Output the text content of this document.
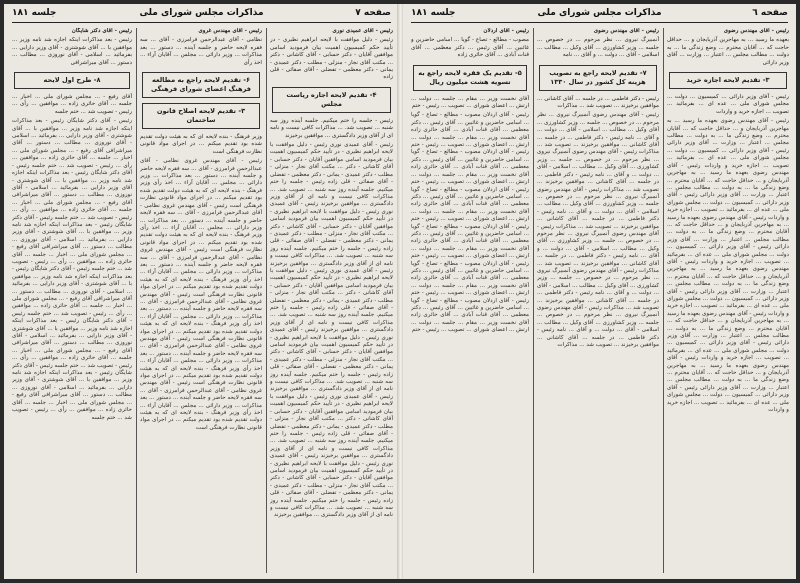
صفحه ۷
مذاکرات مجلس شورای ملی
جلسه ۱۸۱

رئیس - آقای عمیدی نوری

رئیس - دلیل موافقت با لایحه ابراهیم نظیری - در تأیید حکم کمیسیون اهمیت بیان فرمودید اسامی موافقین آقایان - دکتر حسابی - آقای کاشانی - دکتر ... مکتب آقای نجار - منزلی - مطلب - دکتر عمیدی - یمانی - دکتر معظمی - تفضلی - آقای صفائی - قلی زاده

۴- تقدیم لایحه اجازه ریاست مجلس

رئیس - جلسه را ختم میکنیم. جلسه آینده روز سه شنبه ... تصویب شد. ... مذاکرات کافی نیست و نامه ای از آقای وزیر دادگستری ... موافقین برخیزند

رئیس - آقای عمیدی نوری رئیس - دلیل موافقت با لایحه ابراهیم نظیری - در تأیید حکم کمیسیون اهمیت بیان فرمودید اسامی موافقین آقایان - دکتر حسابی - آقای کاشانی - دکتر ... مکتب آقای نجار - منزلی - مطلب - دکتر عمیدی - یمانی - دکتر معظمی - تفضلی - آقای صفائی - قلی زاده رئیس - جلسه را ختم میکنیم. جلسه آینده روز سه شنبه ... تصویب شد. ... مذاکرات کافی نیست و نامه ای از آقای وزیر دادگستری ... موافقین برخیزند رئیس - آقای عمیدی نوری رئیس - دلیل موافقت با لایحه ابراهیم نظیری - در تأیید حکم کمیسیون اهمیت بیان فرمودید اسامی موافقین آقایان - دکتر حسابی - آقای کاشانی - دکتر ... مکتب آقای نجار - منزلی - مطلب - دکتر عمیدی - یمانی - دکتر معظمی - تفضلی - آقای صفائی - قلی زاده رئیس - جلسه را ختم میکنیم. جلسه آینده روز سه شنبه ... تصویب شد. ... مذاکرات کافی نیست و نامه ای از آقای وزیر دادگستری ... موافقین برخیزند رئیس - آقای عمیدی نوری رئیس - دلیل موافقت با لایحه ابراهیم نظیری - در تأیید حکم کمیسیون اهمیت بیان فرمودید اسامی موافقین آقایان - دکتر حسابی - آقای کاشانی - دکتر ... مکتب آقای نجار - منزلی - مطلب - دکتر عمیدی - یمانی - دکتر معظمی - تفضلی - آقای صفائی - قلی زاده رئیس - جلسه را ختم میکنیم. جلسه آینده روز سه شنبه ... تصویب شد. ... مذاکرات کافی نیست و نامه ای از آقای وزیر دادگستری ... موافقین برخیزند رئیس - آقای عمیدی نوری رئیس - دلیل موافقت با لایحه ابراهیم نظیری - در تأیید حکم کمیسیون اهمیت بیان فرمودید اسامی موافقین آقایان - دکتر حسابی - آقای کاشانی - دکتر ... مکتب آقای نجار - منزلی - مطلب - دکتر عمیدی - یمانی - دکتر معظمی - تفضلی - آقای صفائی - قلی زاده رئیس - جلسه را ختم میکنیم. جلسه آینده روز سه شنبه ... تصویب شد. ... مذاکرات کافی نیست و نامه ای از آقای وزیر دادگستری ... موافقین برخیزند رئیس - آقای عمیدی نوری رئیس - دلیل موافقت با لایحه ابراهیم نظیری - در تأیید حکم کمیسیون اهمیت بیان فرمودید اسامی موافقین آقایان - دکتر حسابی - آقای کاشانی - دکتر ... مکتب آقای نجار - منزلی - مطلب - دکتر عمیدی - یمانی - دکتر معظمی - تفضلی - آقای صفائی - قلی زاده رئیس - جلسه را ختم میکنیم. جلسه آینده روز سه شنبه ... تصویب شد. ... مذاکرات کافی نیست و نامه ای از آقای وزیر دادگستری ... موافقین برخیزند رئیس - آقای عمیدی نوری رئیس - دلیل موافقت با لایحه ابراهیم نظیری - در تأیید حکم کمیسیون اهمیت بیان فرمودید اسامی موافقین آقایان - دکتر حسابی - آقای کاشانی - دکتر ... مکتب آقای نجار - منزلی - مطلب - دکتر عمیدی - یمانی - دکتر معظمی - تفضلی - آقای صفائی - قلی زاده رئیس - جلسه را ختم میکنیم. جلسه آینده روز سه شنبه ... تصویب شد. ... مذاکرات کافی نیست و نامه ای از آقای وزیر دادگستری ... موافقین برخیزند

رئیس - آقای مهندس غروی

نظامی - آقای عبدالرحمن فرامرزی - آقای ... سه فقره لایحه حاضر و جلسه آینده ... دستور ... بعد مذاکرات ... وزیر دارائی ... مجلس ... آقایان آراء ... اخذ رأی

۶- تقدیم لایحه راجع به مطالعه فرهنگ اعضای شورای فرهنگی
۳- تقدیم لایحه اصلاح قانون ساختمان

وزیر فرهنگ - بنده لایحه ای که به هیئت دولت تقدیم شده بود تقدیم میکنم ... در اجرای مواد قانونی نظارت فرهنگی است

رئیس - آقای مهندس غروی نظامی - آقای عبدالرحمن فرامرزی - آقای ... سه فقره لایحه حاضر و جلسه آینده ... دستور ... بعد مذاکرات ... وزیر دارائی ... مجلس ... آقایان آراء ... اخذ رأی وزیر فرهنگ - بنده لایحه ای که به هیئت دولت تقدیم شده بود تقدیم میکنم ... در اجرای مواد قانونی نظارت فرهنگی است رئیس - آقای مهندس غروی نظامی - آقای عبدالرحمن فرامرزی - آقای ... سه فقره لایحه حاضر و جلسه آینده ... دستور ... بعد مذاکرات ... وزیر دارائی ... مجلس ... آقایان آراء ... اخذ رأی وزیر فرهنگ - بنده لایحه ای که به هیئت دولت تقدیم شده بود تقدیم میکنم ... در اجرای مواد قانونی نظارت فرهنگی است رئیس - آقای مهندس غروی نظامی - آقای عبدالرحمن فرامرزی - آقای ... سه فقره لایحه حاضر و جلسه آینده ... دستور ... بعد مذاکرات ... وزیر دارائی ... مجلس ... آقایان آراء ... اخذ رأی وزیر فرهنگ - بنده لایحه ای که به هیئت دولت تقدیم شده بود تقدیم میکنم ... در اجرای مواد قانونی نظارت فرهنگی است رئیس - آقای مهندس غروی نظامی - آقای عبدالرحمن فرامرزی - آقای ... سه فقره لایحه حاضر و جلسه آینده ... دستور ... بعد مذاکرات ... وزیر دارائی ... مجلس ... آقایان آراء ... اخذ رأی وزیر فرهنگ - بنده لایحه ای که به هیئت دولت تقدیم شده بود تقدیم میکنم ... در اجرای مواد قانونی نظارت فرهنگی است رئیس - آقای مهندس غروی نظامی - آقای عبدالرحمن فرامرزی - آقای ... سه فقره لایحه حاضر و جلسه آینده ... دستور ... بعد مذاکرات ... وزیر دارائی ... مجلس ... آقایان آراء ... اخذ رأی وزیر فرهنگ - بنده لایحه ای که به هیئت دولت تقدیم شده بود تقدیم میکنم ... در اجرای مواد قانونی نظارت فرهنگی است رئیس - آقای مهندس غروی نظامی - آقای عبدالرحمن فرامرزی - آقای ... سه فقره لایحه حاضر و جلسه آینده ... دستور ... بعد مذاکرات ... وزیر دارائی ... مجلس ... آقایان آراء ... اخذ رأی وزیر فرهنگ - بنده لایحه ای که به هیئت دولت تقدیم شده بود تقدیم میکنم ... در اجرای مواد قانونی نظارت فرهنگی است

رئیس - آقای دکتر شایگان

رئیس - بعد مذاکرات اینکه اجازه شد نامه وزیر ... موافقین با ... آقای شوشتری - آقای وزیر دارایی ... بفرمائید ... اسلامی - آقای نوروزی ... مطالب ... دستور ... آقای میراشرافی

۸- طرح اول لایحه

آقای رفیع - ... مجلس شورای ملی ... اخبار ... جلسه ... آقای حائری زاده ... موافقین ... رأی ... رئیس - تصویب شد ... ختم جلسه

رئیس - آقای دکتر شایگان رئیس - بعد مذاکرات اینکه اجازه شد نامه وزیر ... موافقین با ... آقای شوشتری - آقای وزیر دارایی ... بفرمائید ... اسلامی - آقای نوروزی ... مطالب ... دستور ... آقای میراشرافی آقای رفیع - ... مجلس شورای ملی ... اخبار ... جلسه ... آقای حائری زاده ... موافقین ... رأی ... رئیس - تصویب شد ... ختم جلسه رئیس - آقای دکتر شایگان رئیس - بعد مذاکرات اینکه اجازه شد نامه وزیر ... موافقین با ... آقای شوشتری - آقای وزیر دارایی ... بفرمائید ... اسلامی - آقای نوروزی ... مطالب ... دستور ... آقای میراشرافی آقای رفیع - ... مجلس شورای ملی ... اخبار ... جلسه ... آقای حائری زاده ... موافقین ... رأی ... رئیس - تصویب شد ... ختم جلسه رئیس - آقای دکتر شایگان رئیس - بعد مذاکرات اینکه اجازه شد نامه وزیر ... موافقین با ... آقای شوشتری - آقای وزیر دارایی ... بفرمائید ... اسلامی - آقای نوروزی ... مطالب ... دستور ... آقای میراشرافی آقای رفیع - ... مجلس شورای ملی ... اخبار ... جلسه ... آقای حائری زاده ... موافقین ... رأی ... رئیس - تصویب شد ... ختم جلسه رئیس - آقای دکتر شایگان رئیس - بعد مذاکرات اینکه اجازه شد نامه وزیر ... موافقین با ... آقای شوشتری - آقای وزیر دارایی ... بفرمائید ... اسلامی - آقای نوروزی ... مطالب ... دستور ... آقای میراشرافی آقای رفیع - ... مجلس شورای ملی ... اخبار ... جلسه ... آقای حائری زاده ... موافقین ... رأی ... رئیس - تصویب شد ... ختم جلسه رئیس - آقای دکتر شایگان رئیس - بعد مذاکرات اینکه اجازه شد نامه وزیر ... موافقین با ... آقای شوشتری - آقای وزیر دارایی ... بفرمائید ... اسلامی - آقای نوروزی ... مطالب ... دستور ... آقای میراشرافی آقای رفیع - ... مجلس شورای ملی ... اخبار ... جلسه ... آقای حائری زاده ... موافقین ... رأی ... رئیس - تصویب شد ... ختم جلسه رئیس - آقای دکتر شایگان رئیس - بعد مذاکرات اینکه اجازه شد نامه وزیر ... موافقین با ... آقای شوشتری - آقای وزیر دارایی ... بفرمائید ... اسلامی - آقای نوروزی ... مطالب ... دستور ... آقای میراشرافی آقای رفیع - ... مجلس شورای ملی ... اخبار ... جلسه ... آقای حائری زاده ... موافقین ... رأی ... رئیس - تصویب شد ... ختم جلسه
صفحه ٦
مذاکرات مجلس شورای ملی
جلسه ۱۸۱

رئیس - آقای مهندس رضوی

بعهده ما رسید ... به مهاجرین آذربایجان و ... حداقل حاجت که ... آقایان محترم ... وضع زندگی ما ... به دولت ... مطالب مجلس ... اعتبار ... وزارت ... آقای وزیر دارائی

۳- تقدیم لایحه اجازه خرید

رئیس - آقای وزیر دارائی ... کمیسیون ... دولت ... مجلس شورای ملی ... عده ای ... بفرمائید ... تصویب ... اجازه خرید و واردات

رئیس - آقای مهندس رضوی بعهده ما رسید ... به مهاجرین آذربایجان و ... حداقل حاجت که ... آقایان محترم ... وضع زندگی ما ... به دولت ... مطالب مجلس ... اعتبار ... وزارت ... آقای وزیر دارائی رئیس - آقای وزیر دارائی ... کمیسیون ... دولت ... مجلس شورای ملی ... عده ای ... بفرمائید ... تصویب ... اجازه خرید و واردات رئیس - آقای مهندس رضوی بعهده ما رسید ... به مهاجرین آذربایجان و ... حداقل حاجت که ... آقایان محترم ... وضع زندگی ما ... به دولت ... مطالب مجلس ... اعتبار ... وزارت ... آقای وزیر دارائی رئیس - آقای وزیر دارائی ... کمیسیون ... دولت ... مجلس شورای ملی ... عده ای ... بفرمائید ... تصویب ... اجازه خرید و واردات رئیس - آقای مهندس رضوی بعهده ما رسید ... به مهاجرین آذربایجان و ... حداقل حاجت که ... آقایان محترم ... وضع زندگی ما ... به دولت ... مطالب مجلس ... اعتبار ... وزارت ... آقای وزیر دارائی رئیس - آقای وزیر دارائی ... کمیسیون ... دولت ... مجلس شورای ملی ... عده ای ... بفرمائید ... تصویب ... اجازه خرید و واردات رئیس - آقای مهندس رضوی بعهده ما رسید ... به مهاجرین آذربایجان و ... حداقل حاجت که ... آقایان محترم ... وضع زندگی ما ... به دولت ... مطالب مجلس ... اعتبار ... وزارت ... آقای وزیر دارائی رئیس - آقای وزیر دارائی ... کمیسیون ... دولت ... مجلس شورای ملی ... عده ای ... بفرمائید ... تصویب ... اجازه خرید و واردات رئیس - آقای مهندس رضوی بعهده ما رسید ... به مهاجرین آذربایجان و ... حداقل حاجت که ... آقایان محترم ... وضع زندگی ما ... به دولت ... مطالب مجلس ... اعتبار ... وزارت ... آقای وزیر دارائی رئیس - آقای وزیر دارائی ... کمیسیون ... دولت ... مجلس شورای ملی ... عده ای ... بفرمائید ... تصویب ... اجازه خرید و واردات رئیس - آقای مهندس رضوی بعهده ما رسید ... به مهاجرین آذربایجان و ... حداقل حاجت که ... آقایان محترم ... وضع زندگی ما ... به دولت ... مطالب مجلس ... اعتبار ... وزارت ... آقای وزیر دارائی رئیس - آقای وزیر دارائی ... کمیسیون ... دولت ... مجلس شورای ملی ... عده ای ... بفرمائید ... تصویب ... اجازه خرید و واردات

رئیس - آقای مهندس رضوی

آنمبیرگ نیروی ... نظر مرحوم ... در خصوص ... جلسه ... وزیر کشاورزی ... آقای وکیل ... مطالب ... اسلامی - آقای ... دولت ... و آقای ... نامه

۷- تقدیم لایحه راجع به تصویب هزینه کل کشور در سال ۱۳۳۰

رئیس - دکتر فاطمی ... در جلسه ... آقای کاشانی ... موافقین برخیزند ... تصویب شد ... مذاکرات

رئیس - آقای مهندس رضوی آنمبیرگ نیروی ... نظر مرحوم ... در خصوص ... جلسه ... وزیر کشاورزی ... آقای وکیل ... مطالب ... اسلامی - آقای ... دولت ... و آقای ... نامه رئیس - دکتر فاطمی ... در جلسه ... آقای کاشانی ... موافقین برخیزند ... تصویب شد ... مذاکرات رئیس - آقای مهندس رضوی آنمبیرگ نیروی ... نظر مرحوم ... در خصوص ... جلسه ... وزیر کشاورزی ... آقای وکیل ... مطالب ... اسلامی - آقای ... دولت ... و آقای ... نامه رئیس - دکتر فاطمی ... در جلسه ... آقای کاشانی ... موافقین برخیزند ... تصویب شد ... مذاکرات رئیس - آقای مهندس رضوی آنمبیرگ نیروی ... نظر مرحوم ... در خصوص ... جلسه ... وزیر کشاورزی ... آقای وکیل ... مطالب ... اسلامی - آقای ... دولت ... و آقای ... نامه رئیس - دکتر فاطمی ... در جلسه ... آقای کاشانی ... موافقین برخیزند ... تصویب شد ... مذاکرات رئیس - آقای مهندس رضوی آنمبیرگ نیروی ... نظر مرحوم ... در خصوص ... جلسه ... وزیر کشاورزی ... آقای وکیل ... مطالب ... اسلامی - آقای ... دولت ... و آقای ... نامه رئیس - دکتر فاطمی ... در جلسه ... آقای کاشانی ... موافقین برخیزند ... تصویب شد ... مذاکرات رئیس - آقای مهندس رضوی آنمبیرگ نیروی ... نظر مرحوم ... در خصوص ... جلسه ... وزیر کشاورزی ... آقای وکیل ... مطالب ... اسلامی - آقای ... دولت ... و آقای ... نامه رئیس - دکتر فاطمی ... در جلسه ... آقای کاشانی ... موافقین برخیزند ... تصویب شد ... مذاکرات رئیس - آقای مهندس رضوی آنمبیرگ نیروی ... نظر مرحوم ... در خصوص ... جلسه ... وزیر کشاورزی ... آقای وکیل ... مطالب ... اسلامی - آقای ... دولت ... و آقای ... نامه رئیس - دکتر فاطمی ... در جلسه ... آقای کاشانی ... موافقین برخیزند ... تصویب شد ... مذاکرات

رئیس - آقای اردلان

مصوب - مطالع - تصاع - گویا ... اسامی حاضرین و غائبین ... آقای رئیس ... دکتر معظمی ... آقای قنات آبادی ... آقای حائری زاده

۵- تقدیم یک فقره لایحه راجع به تسویه هشت میلیون ریال

آقای نخست وزیر ... مقام ... جلسه ... دولت ... ارتش ... اعضای شورای ... تصویب ... رئیس - ختم

رئیس - آقای اردلان مصوب - مطالع - تصاع - گویا ... اسامی حاضرین و غائبین ... آقای رئیس ... دکتر معظمی ... آقای قنات آبادی ... آقای حائری زاده آقای نخست وزیر ... مقام ... جلسه ... دولت ... ارتش ... اعضای شورای ... تصویب ... رئیس - ختم رئیس - آقای اردلان مصوب - مطالع - تصاع - گویا ... اسامی حاضرین و غائبین ... آقای رئیس ... دکتر معظمی ... آقای قنات آبادی ... آقای حائری زاده آقای نخست وزیر ... مقام ... جلسه ... دولت ... ارتش ... اعضای شورای ... تصویب ... رئیس - ختم رئیس - آقای اردلان مصوب - مطالع - تصاع - گویا ... اسامی حاضرین و غائبین ... آقای رئیس ... دکتر معظمی ... آقای قنات آبادی ... آقای حائری زاده آقای نخست وزیر ... مقام ... جلسه ... دولت ... ارتش ... اعضای شورای ... تصویب ... رئیس - ختم رئیس - آقای اردلان مصوب - مطالع - تصاع - گویا ... اسامی حاضرین و غائبین ... آقای رئیس ... دکتر معظمی ... آقای قنات آبادی ... آقای حائری زاده آقای نخست وزیر ... مقام ... جلسه ... دولت ... ارتش ... اعضای شورای ... تصویب ... رئیس - ختم رئیس - آقای اردلان مصوب - مطالع - تصاع - گویا ... اسامی حاضرین و غائبین ... آقای رئیس ... دکتر معظمی ... آقای قنات آبادی ... آقای حائری زاده آقای نخست وزیر ... مقام ... جلسه ... دولت ... ارتش ... اعضای شورای ... تصویب ... رئیس - ختم رئیس - آقای اردلان مصوب - مطالع - تصاع - گویا ... اسامی حاضرین و غائبین ... آقای رئیس ... دکتر معظمی ... آقای قنات آبادی ... آقای حائری زاده آقای نخست وزیر ... مقام ... جلسه ... دولت ... ارتش ... اعضای شورای ... تصویب ... رئیس - ختم
